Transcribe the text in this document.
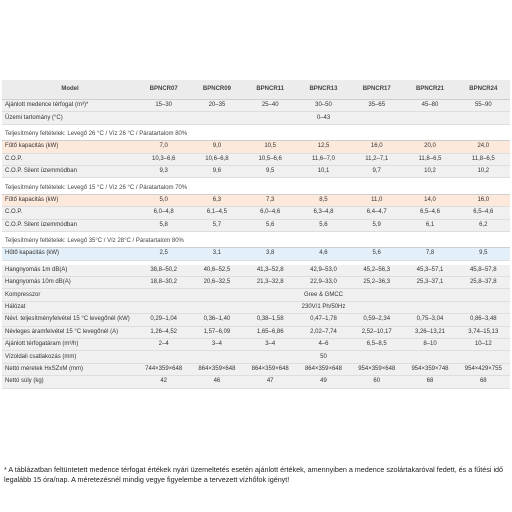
Model	BPNCR07	BPNCR09	BPNCR11	BPNCR13	BPNCR17	BPNCR21	BPNCR24
Ajánlott medence térfogat (m³)*	15–30	20–35	25–40	30–50	35–65	45–80	55–90
Üzemi tartomány (°C)	0–43						

Teljesítmény feltételek: Levegő 26 °C / Víz 26 °C / Páratartalom 80%							
Fűtő kapacitás (kW)	7,0	9,0	10,5	12,5	16,0	20,0	24,0
C.O.P.	10,3–6,6	10,6–6,8	10,5–6,6	11,6–7,0	11,2–7,1	11,8–6,5	11,8–6,5
C.O.P. Silent üzemmódban	9,3	9,6	9,5	10,1	9,7	10,2	10,2

Teljesítmény feltételek: Levegő 15 °C / Víz 26 °C / Páratartalom 70%							
Fűtő kapacitás (kW)	5,0	6,3	7,3	8,5	11,0	14,0	16,0
C.O.P.	6,0–4,8	6,1–4,5	6,0–4,6	6,3–4,8	6,4–4,7	6,5–4,6	6,5–4,6
C.O.P. Silent üzemmódban	5,8	5,7	5,6	5,6	5,9	6,1	6,2

Teljesítmény feltételek: Levegő 35°C / Víz 28°C / Páratartalom 80%							
Hűtő kapacitás (kW)	2,5	3,1	3,8	4,6	5,6	7,8	9,5

Hangnyomás 1m dB(A)	38,8–50,2	40,6–52,5	41,3–52,8	42,9–53,0	45,2–56,3	45,3–57,1	45,8–57,8
Hangnyomás 10m dB(A)	18,8–30,2	20,6–32,5	21,3–32,8	22,9–33,0	25,2–36,3	25,3–37,1	25,8–37,8
Kompresszor	Gree & GMCC						
Hálózat	230V/1 Ph/50Hz						
Névl. teljesítményfelvétel 15 °C levegőnél (kW)	0,29–1,04	0,36–1,40	0,38–1,58	0,47–1,78	0,59–2,34	0,75–3,04	0,86–3,48
Névleges áramfelvétel 15 °C levegőnél (A)	1,26–4,52	1,57–6,09	1,65–6,86	2,02–7,74	2,52–10,17	3,26–13,21	3,74–15,13
Ajánlott térfogatáram (m³/h)	2–4	3–4	3–4	4–6	6,5–8,5	8–10	10–12
Vízoldali csatlakozás (mm)	50						
Nettó méretek HxSZxM (mm)	744×359×648	864×359×648	864×359×648	864×359×648	954×359×648	954×359×748	954×429×755
Nettó súly (kg)	42	46	47	49	60	68	68

* A táblázatban feltüntetett medence térfogat értékek nyári üzemeltetés esetén ajánlott értékek, amennyiben a medence szolártakaróval fedett, és a fűtési idő legalább 15 óra/nap. A méretezésnél mindig vegye figyelembe a tervezett vízhőfok igényt!
